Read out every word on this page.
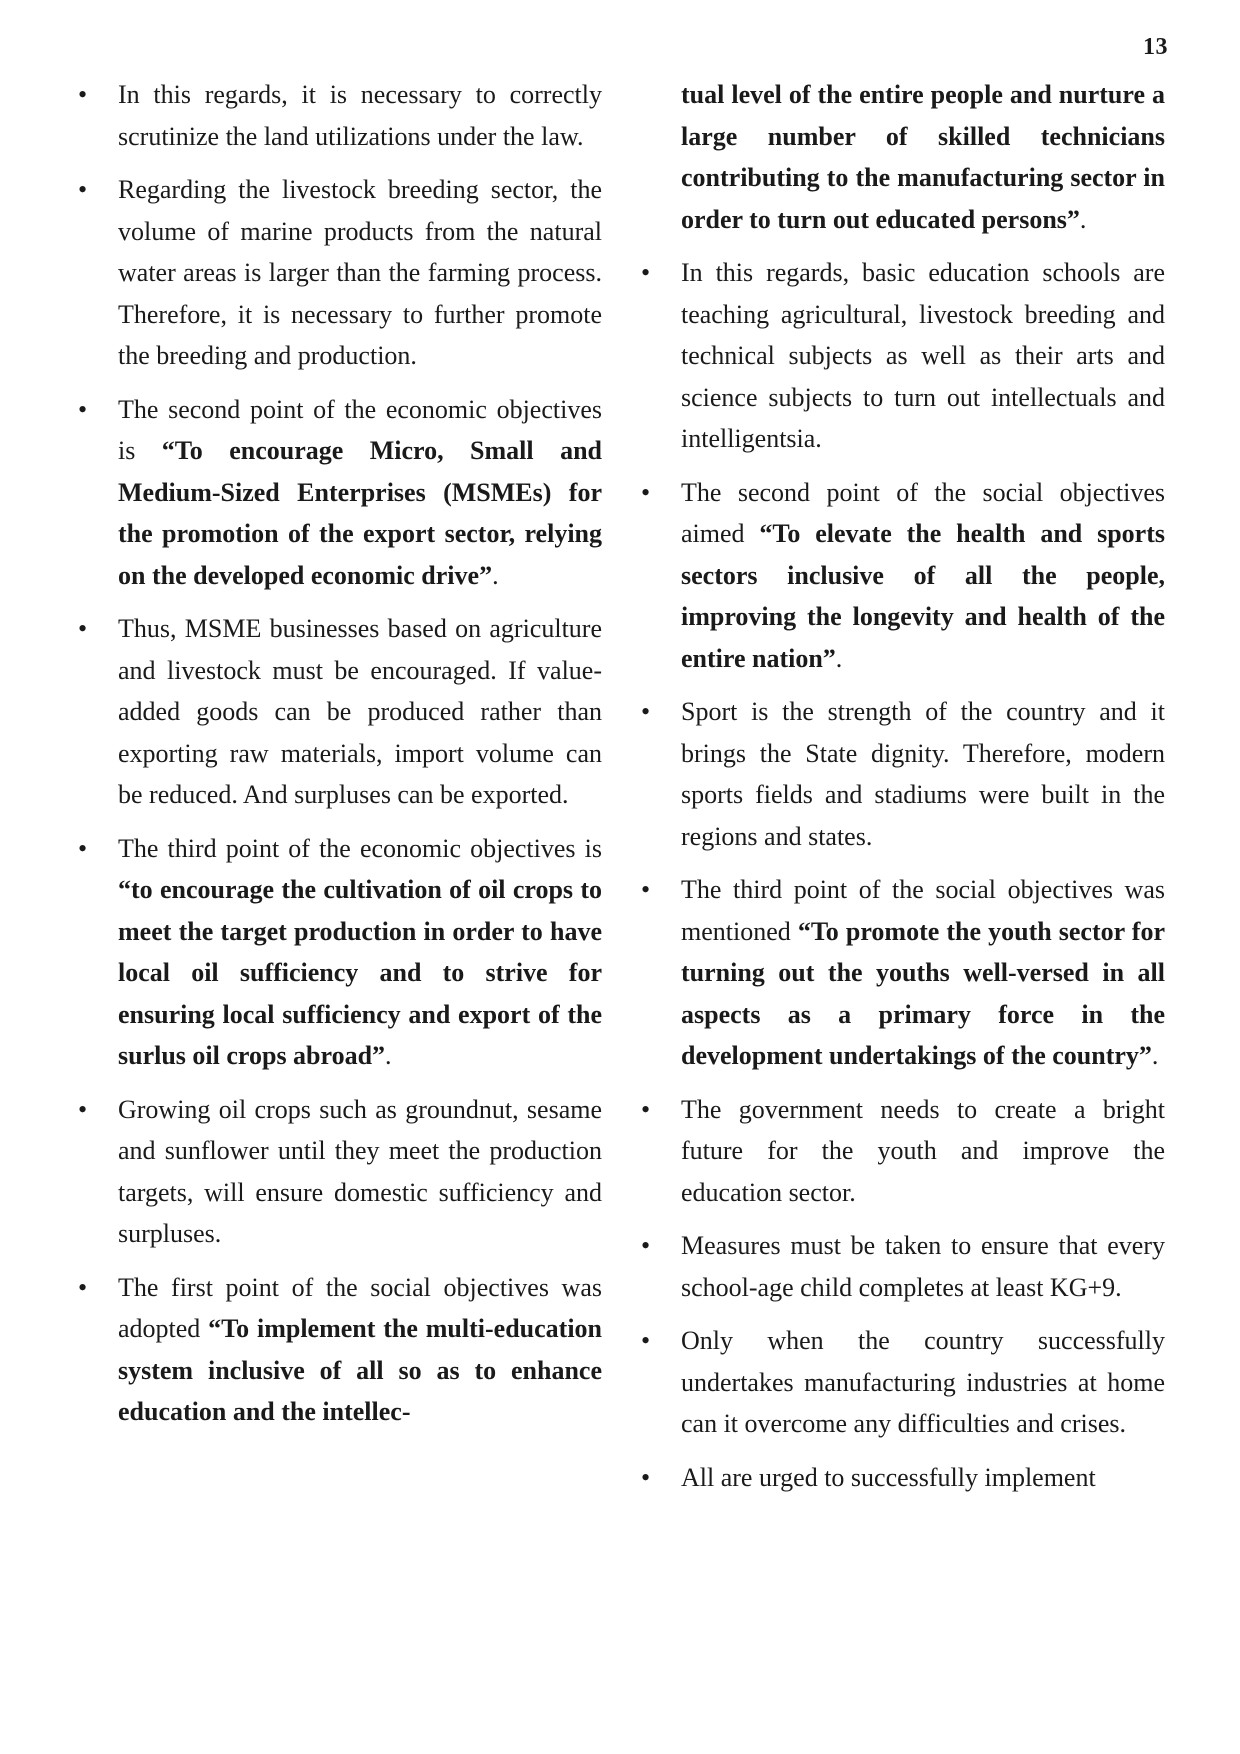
13

• In this regards, it is necessary to correctly scrutinize the land utilizations under the law.

• Regarding the livestock breeding sector, the volume of marine products from the natural water areas is larger than the farming process. Therefore, it is necessary to further promote the breeding and production.

• The second point of the economic objectives is “To encourage Micro, Small and Medium-Sized Enterprises (MSMEs) for the promotion of the export sector, relying on the developed economic drive”.

• Thus, MSME businesses based on agriculture and livestock must be encouraged. If value-added goods can be produced rather than exporting raw materials, import volume can be reduced. And surpluses can be exported.

• The third point of the economic objectives is “to encourage the cultivation of oil crops to meet the target production in order to have local oil sufficiency and to strive for ensuring local sufficiency and export of the surlus oil crops abroad”.

• Growing oil crops such as groundnut, sesame and sunflower until they meet the production targets, will ensure domestic sufficiency and surpluses.

• The first point of the social objectives was adopted “To implement the multi-education system inclusive of all so as to enhance education and the intellec-

tual level of the entire people and nurture a large number of skilled technicians contributing to the manufacturing sector in order to turn out educated persons”.

• In this regards, basic education schools are teaching agricultural, livestock breeding and technical subjects as well as their arts and science subjects to turn out intellectuals and intelligentsia.

• The second point of the social objectives aimed “To elevate the health and sports sectors inclusive of all the people, improving the longevity and health of the entire nation”.

• Sport is the strength of the country and it brings the State dignity. Therefore, modern sports fields and stadiums were built in the regions and states.

• The third point of the social objectives was mentioned “To promote the youth sector for turning out the youths well-versed in all aspects as a primary force in the development undertakings of the country”.

• The government needs to create a bright future for the youth and improve the education sector.

• Measures must be taken to ensure that every school-age child completes at least KG+9.

• Only when the country successfully undertakes manufacturing industries at home can it overcome any difficulties and crises.

• All are urged to successfully implement
